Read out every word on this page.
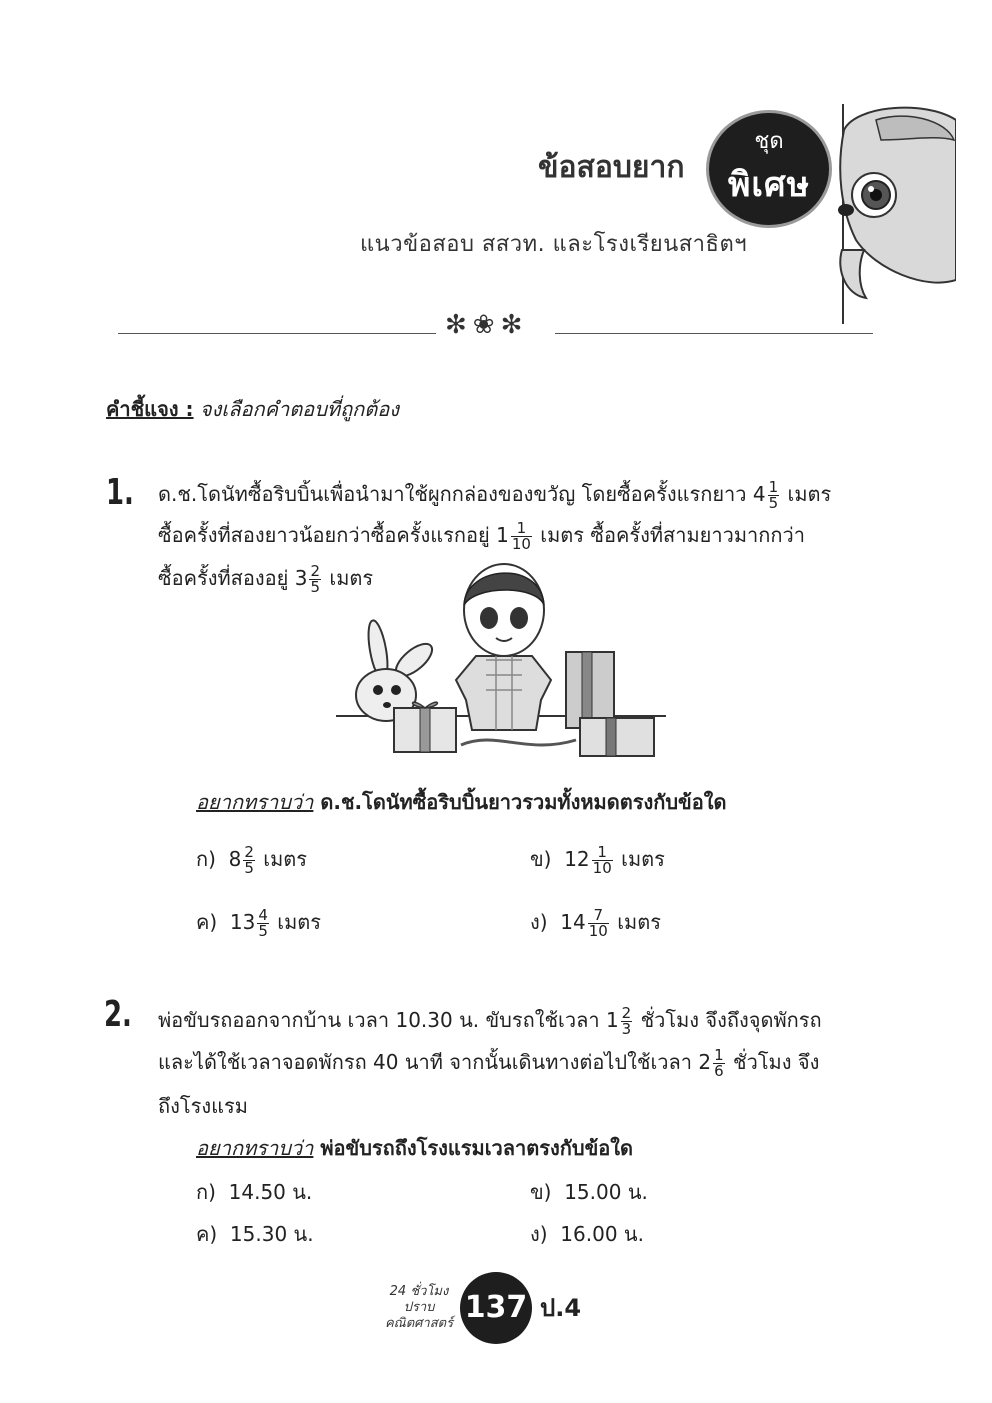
ข้อสอบยาก
ชุด
พิเศษ
แนวข้อสอบ สสวท. และโรงเรียนสาธิตฯ
✻❀✻
คำชี้แจง : จงเลือกคำตอบที่ถูกต้อง
1. ด.ช.โดนัทซื้อริบบิ้นเพื่อนำมาใช้ผูกกล่องของขวัญ โดยซื้อครั้งแรกยาว $4 \frac{1}{5}$ เมตร
ซื้อครั้งที่สองยาวน้อยกว่าซื้อครั้งแรกอยู่ $1 \frac{1}{10}$ เมตร ซื้อครั้งที่สามยาวมากกว่า
ซื้อครั้งที่สองอยู่ $3 \frac{2}{5}$ เมตร
อยากทราบว่า ด.ช.โดนัทซื้อริบบิ้นยาวรวมทั้งหมดตรงกับข้อใด
ก) $8 \frac{2}{5}$ เมตร	ข) $12 \frac{1}{10}$ เมตร
ค) $13 \frac{4}{5}$ เมตร	ง) $14 \frac{7}{10}$ เมตร
2. พ่อขับรถออกจากบ้าน เวลา 10.30 น. ขับรถใช้เวลา $1 \frac{2}{3}$ ชั่วโมง จึงถึงจุดพักรถ
และได้ใช้เวลาจอดพักรถ 40 นาที จากนั้นเดินทางต่อไปใช้เวลา $2 \frac{1}{6}$ ชั่วโมง จึง
ถึงโรงแรม
อยากทราบว่า พ่อขับรถถึงโรงแรมเวลาตรงกับข้อใด
ก) 14.50 น.	ข) 15.00 น.
ค) 15.30 น.	ง) 16.00 น.
24 ชั่วโมง
ปราบ
คณิตศาสตร์ 137 ป.4
